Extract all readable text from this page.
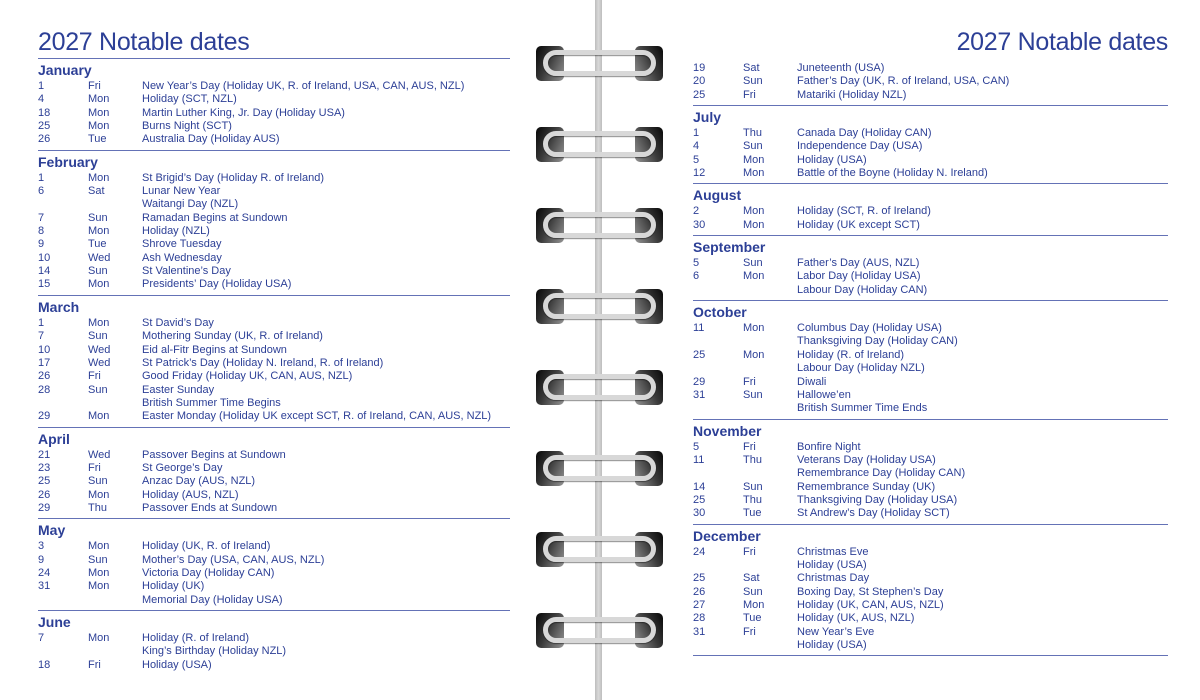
2027 Notable dates
January
1	Fri	New Year’s Day (Holiday UK, R. of Ireland, USA, CAN, AUS, NZL)
4	Mon	Holiday (SCT, NZL)
18	Mon	Martin Luther King, Jr. Day (Holiday USA)
25	Mon	Burns Night (SCT)
26	Tue	Australia Day (Holiday AUS)
February
1	Mon	St Brigid’s Day (Holiday R. of Ireland)
6	Sat	Lunar New Year
Waitangi Day (NZL)
7	Sun	Ramadan Begins at Sundown
8	Mon	Holiday (NZL)
9	Tue	Shrove Tuesday
10	Wed	Ash Wednesday
14	Sun	St Valentine’s Day
15	Mon	Presidents’ Day (Holiday USA)
March
1	Mon	St David’s Day
7	Sun	Mothering Sunday (UK, R. of Ireland)
10	Wed	Eid al-Fitr Begins at Sundown
17	Wed	St Patrick’s Day (Holiday N. Ireland, R. of Ireland)
26	Fri	Good Friday (Holiday UK, CAN, AUS, NZL)
28	Sun	Easter Sunday
British Summer Time Begins
29	Mon	Easter Monday (Holiday UK except SCT, R. of Ireland, CAN, AUS, NZL)
April
21	Wed	Passover Begins at Sundown
23	Fri	St George’s Day
25	Sun	Anzac Day (AUS, NZL)
26	Mon	Holiday (AUS, NZL)
29	Thu	Passover Ends at Sundown
May
3	Mon	Holiday (UK, R. of Ireland)
9	Sun	Mother’s Day (USA, CAN, AUS, NZL)
24	Mon	Victoria Day (Holiday CAN)
31	Mon	Holiday (UK)
Memorial Day (Holiday USA)
June
7	Mon	Holiday (R. of Ireland)
King’s Birthday (Holiday NZL)
18	Fri	Holiday (USA)
2027 Notable dates
19	Sat	Juneteenth (USA)
20	Sun	Father’s Day (UK, R. of Ireland, USA, CAN)
25	Fri	Matariki (Holiday NZL)
July
1	Thu	Canada Day (Holiday CAN)
4	Sun	Independence Day (USA)
5	Mon	Holiday (USA)
12	Mon	Battle of the Boyne (Holiday N. Ireland)
August
2	Mon	Holiday (SCT, R. of Ireland)
30	Mon	Holiday (UK except SCT)
September
5	Sun	Father’s Day (AUS, NZL)
6	Mon	Labor Day (Holiday USA)
Labour Day (Holiday CAN)
October
11	Mon	Columbus Day (Holiday USA)
Thanksgiving Day (Holiday CAN)
25	Mon	Holiday (R. of Ireland)
Labour Day (Holiday NZL)
29	Fri	Diwali
31	Sun	Hallowe’en
British Summer Time Ends
November
5	Fri	Bonfire Night
11	Thu	Veterans Day (Holiday USA)
Remembrance Day (Holiday CAN)
14	Sun	Remembrance Sunday (UK)
25	Thu	Thanksgiving Day (Holiday USA)
30	Tue	St Andrew’s Day (Holiday SCT)
December
24	Fri	Christmas Eve
Holiday (USA)
25	Sat	Christmas Day
26	Sun	Boxing Day, St Stephen’s Day
27	Mon	Holiday (UK, CAN, AUS, NZL)
28	Tue	Holiday (UK, AUS, NZL)
31	Fri	New Year’s Eve
Holiday (USA)
